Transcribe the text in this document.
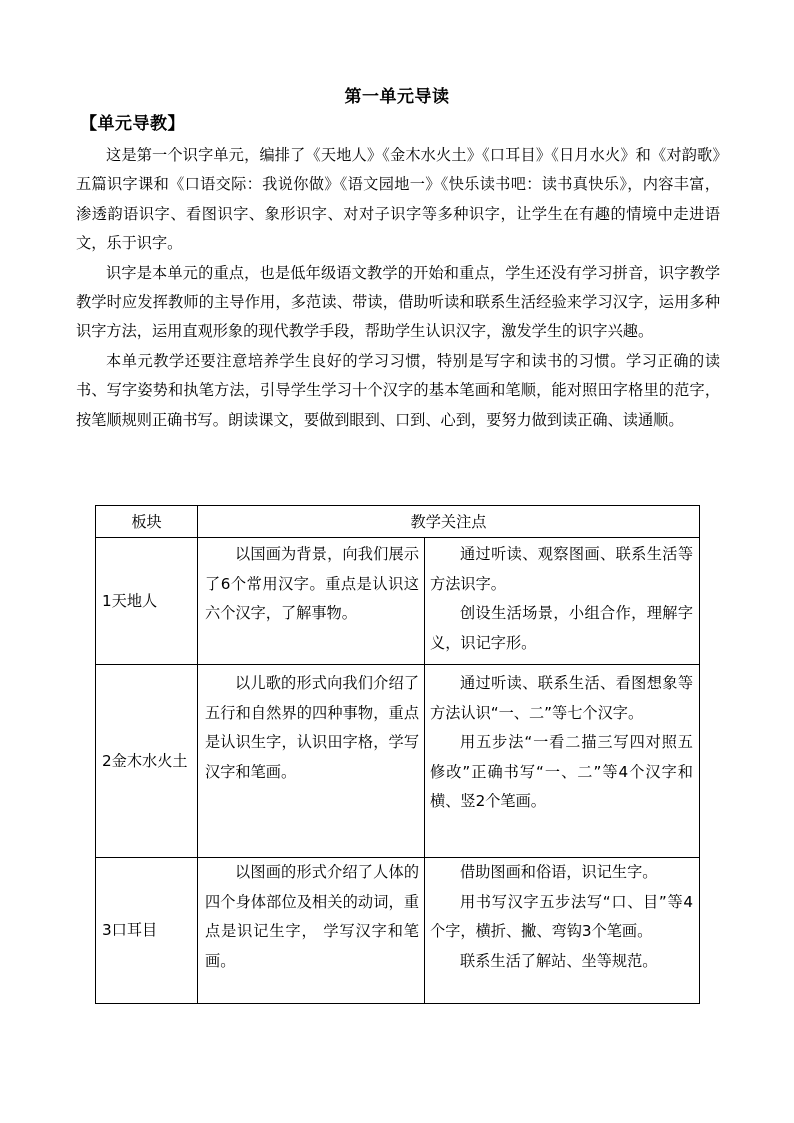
第一单元导读
【单元导教】

这是第一个识字单元，编排了《天地人》《金木水火土》《口耳目》《日月水火》和《对韵歌》五篇识字课和《口语交际：我说你做》《语文园地一》《快乐读书吧：读书真快乐》，内容丰富，渗透韵语识字、看图识字、象形识字、对对子识字等多种识字，让学生在有趣的情境中走进语文，乐于识字。

识字是本单元的重点，也是低年级语文教学的开始和重点，学生还没有学习拼音，识字教学教学时应发挥教师的主导作用，多范读、带读，借助听读和联系生活经验来学习汉字，运用多种识字方法，运用直观形象的现代教学手段，帮助学生认识汉字，激发学生的识字兴趣。

本单元教学还要注意培养学生良好的学习习惯，特别是写字和读书的习惯。学习正确的读书、写字姿势和执笔方法，引导学生学习十个汉字的基本笔画和笔顺，能对照田字格里的范字，按笔顺规则正确书写。朗读课文，要做到眼到、口到、心到，要努力做到读正确、读通顺。

板块	教学关注点	
1天地人	以国画为背景，向我们展示了6个常用汉字。重点是认识这六个汉字，了解事物。	通过听读、观察图画、联系生活等方法识字。

创设生活场景，小组合作，理解字义，识记字形。

2金木水火土	以儿歌的形式向我们介绍了五行和自然界的四种事物，重点是认识生字，认识田字格，学写汉字和笔画。	通过听读、联系生活、看图想象等方法认识“一、二”等七个汉字。

用五步法“一看二描三写四对照五修改”正确书写“一、二”等4个汉字和横、竖2个笔画。

3口耳目	以图画的形式介绍了人体的四个身体部位及相关的动词，重点是识记生字， 学写汉字和笔画。	借助图画和俗语，识记生字。

用书写汉字五步法写“口、目”等4个字，横折、撇、弯钩3个笔画。

联系生活了解站、坐等规范。
